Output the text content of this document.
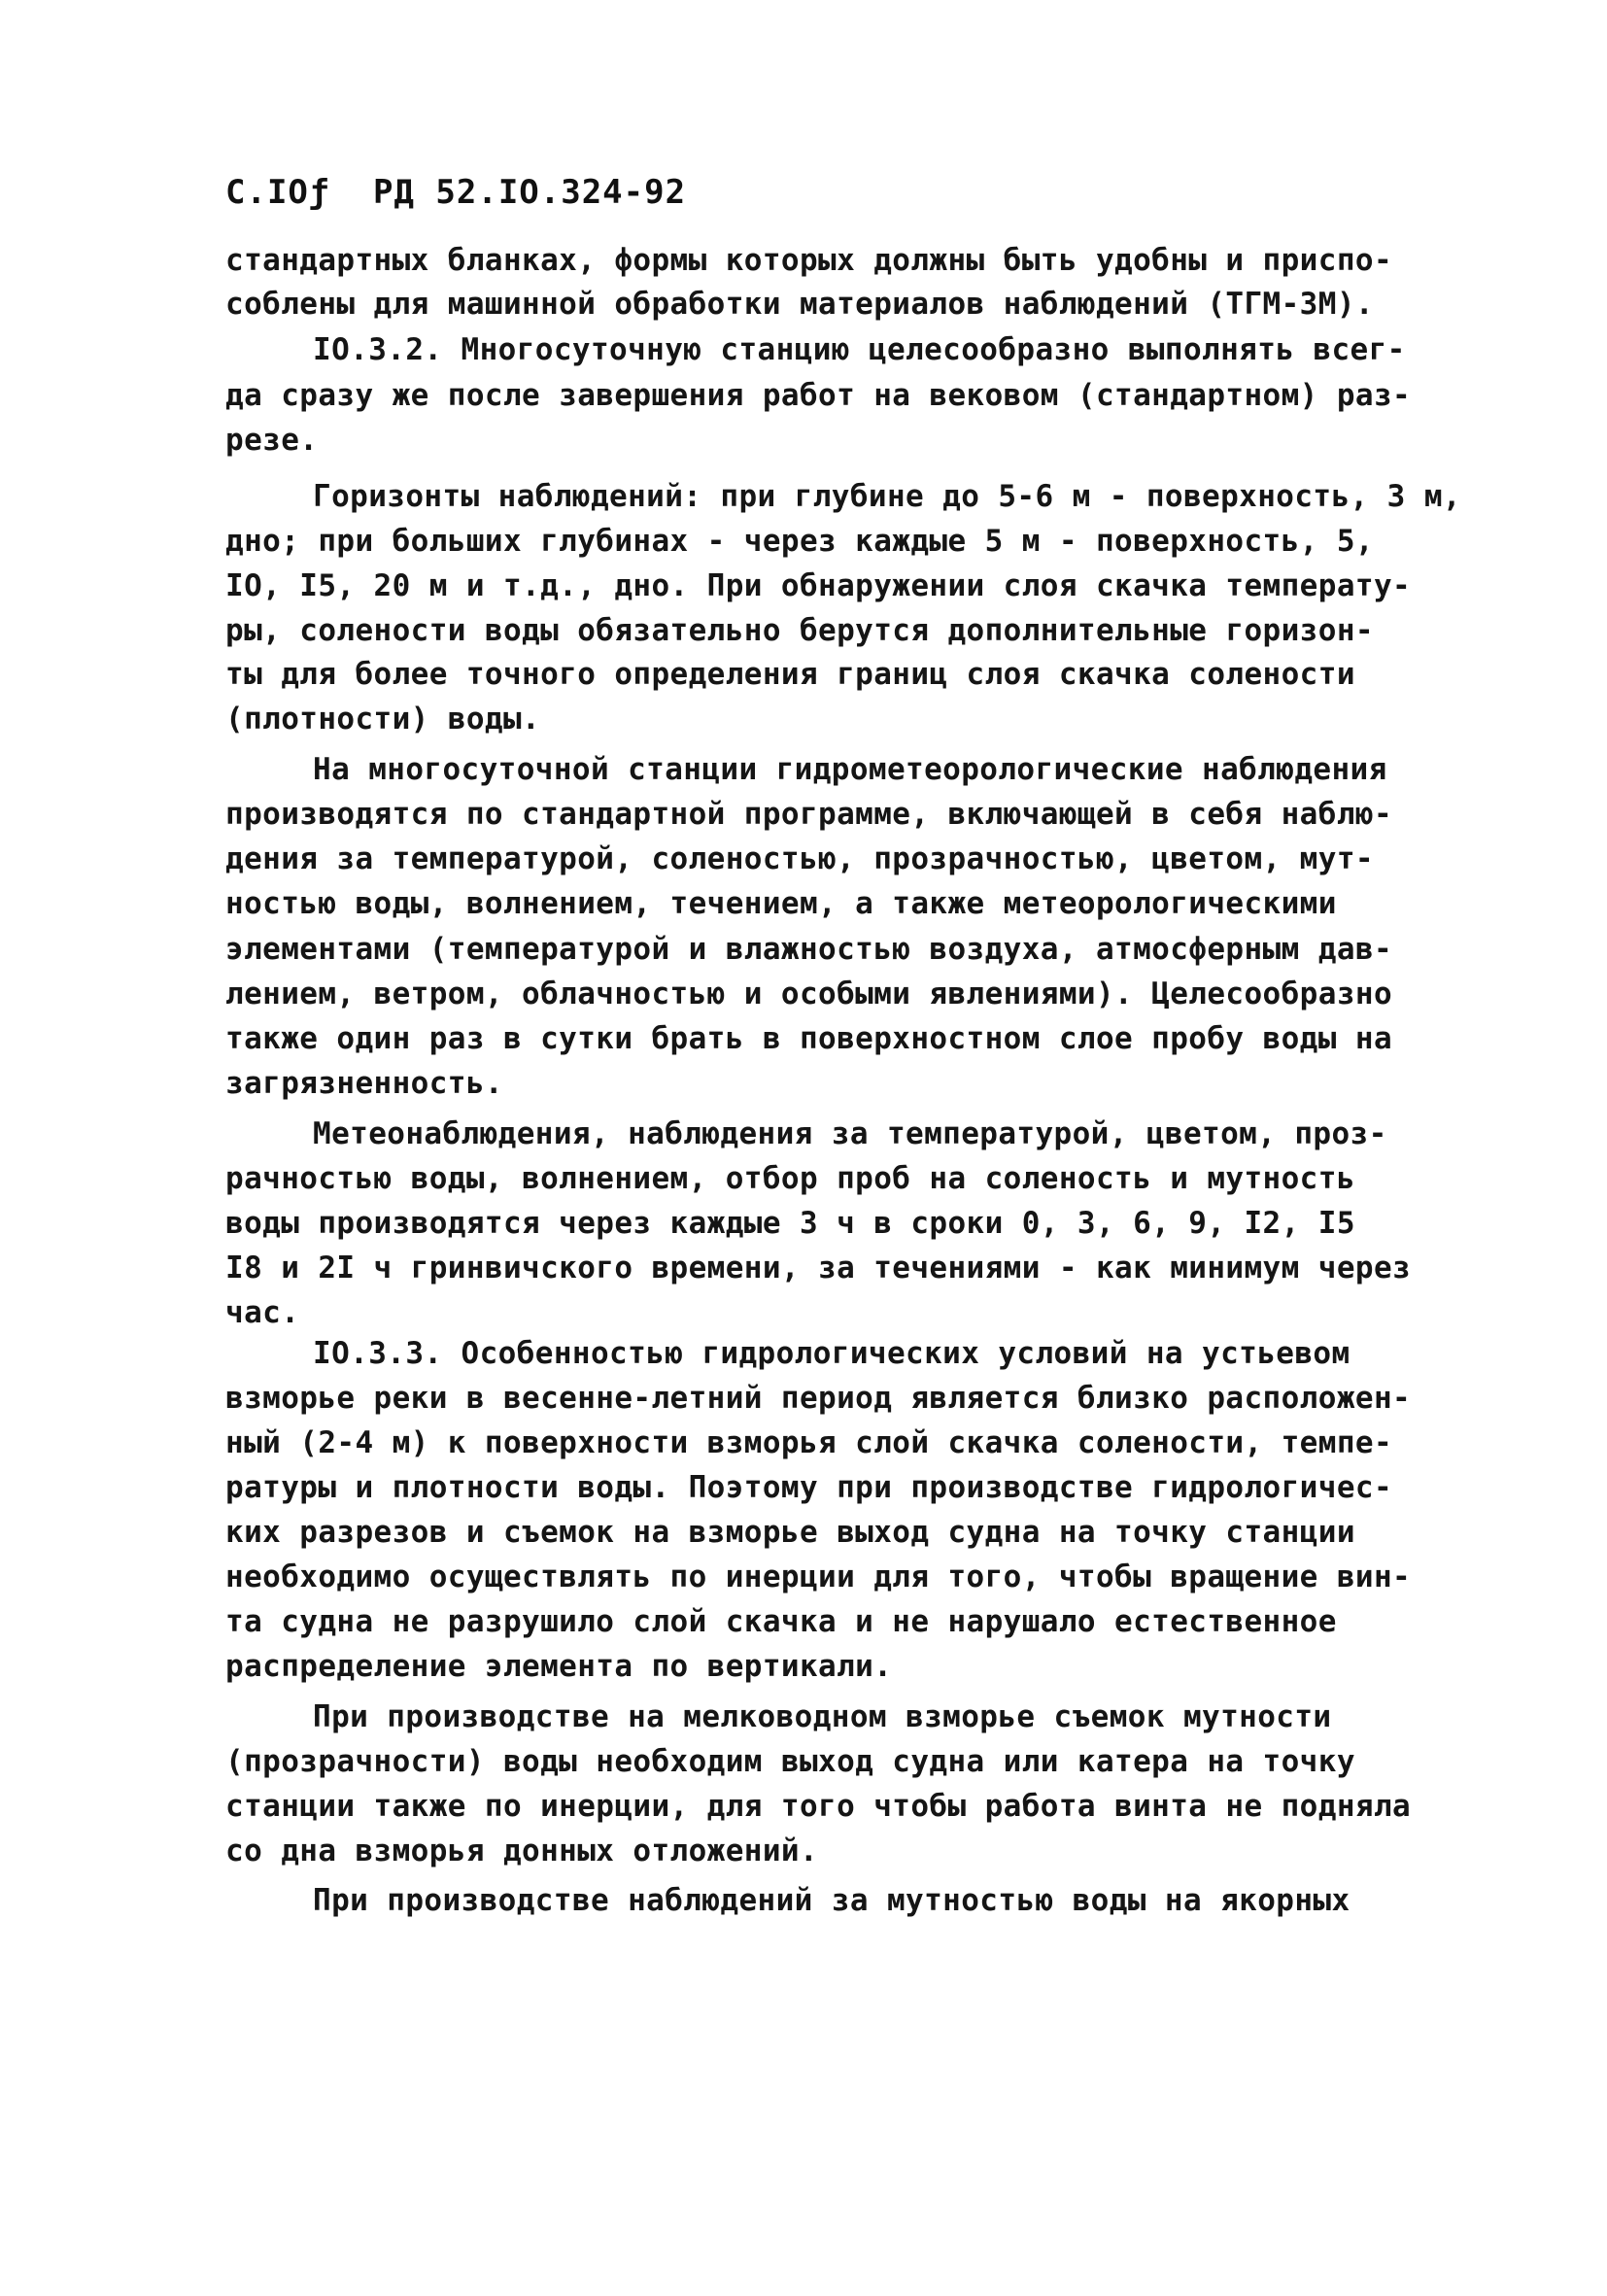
С.IOƒ РД 52.IO.324-92
стандартных бланках, формы которых должны быть удобны и приспо-
соблены для машинной обработки материалов наблюдений (ТГМ-3М).
IO.3.2. Многосуточную станцию целесообразно выполнять всег-
да сразу же после завершения работ на вековом (стандартном) раз-
резе.
Горизонты наблюдений: при глубине до 5-6 м - поверхность, 3 м,
дно; при больших глубинах - через каждые 5 м - поверхность, 5,
IO, I5, 20 м и т.д., дно. При обнаружении слоя скачка температу-
ры, солености воды обязательно берутся дополнительные горизон-
ты для более точного определения границ слоя скачка солености
(плотности) воды.
На многосуточной станции гидрометеорологические наблюдения
производятся по стандартной программе, включающей в себя наблю-
дения за температурой, соленостью, прозрачностью, цветом, мут-
ностью воды, волнением, течением, а также метеорологическими
элементами (температурой и влажностью воздуха, атмосферным дав-
лением, ветром, облачностью и особыми явлениями). Целесообразно
также один раз в сутки брать в поверхностном слое пробу воды на
загрязненность.
Метеонаблюдения, наблюдения за температурой, цветом, проз-
рачностью воды, волнением, отбор проб на соленость и мутность
воды производятся через каждые 3 ч в сроки 0, 3, 6, 9, I2, I5
I8 и 2I ч гринвичского времени, за течениями - как минимум через
час.
IO.3.3. Особенностью гидрологических условий на устьевом
взморье реки в весенне-летний период является близко расположен-
ный (2-4 м) к поверхности взморья слой скачка солености, темпе-
ратуры и плотности воды. Поэтому при производстве гидрологичес-
ких разрезов и съемок на взморье выход судна на точку станции
необходимо осуществлять по инерции для того, чтобы вращение вин-
та судна не разрушило слой скачка и не нарушало естественное
распределение элемента по вертикали.
При производстве на мелководном взморье съемок мутности
(прозрачности) воды необходим выход судна или катера на точку
станции также по инерции, для того чтобы работа винта не подняла
со дна взморья донных отложений.
При производстве наблюдений за мутностью воды на якорных
